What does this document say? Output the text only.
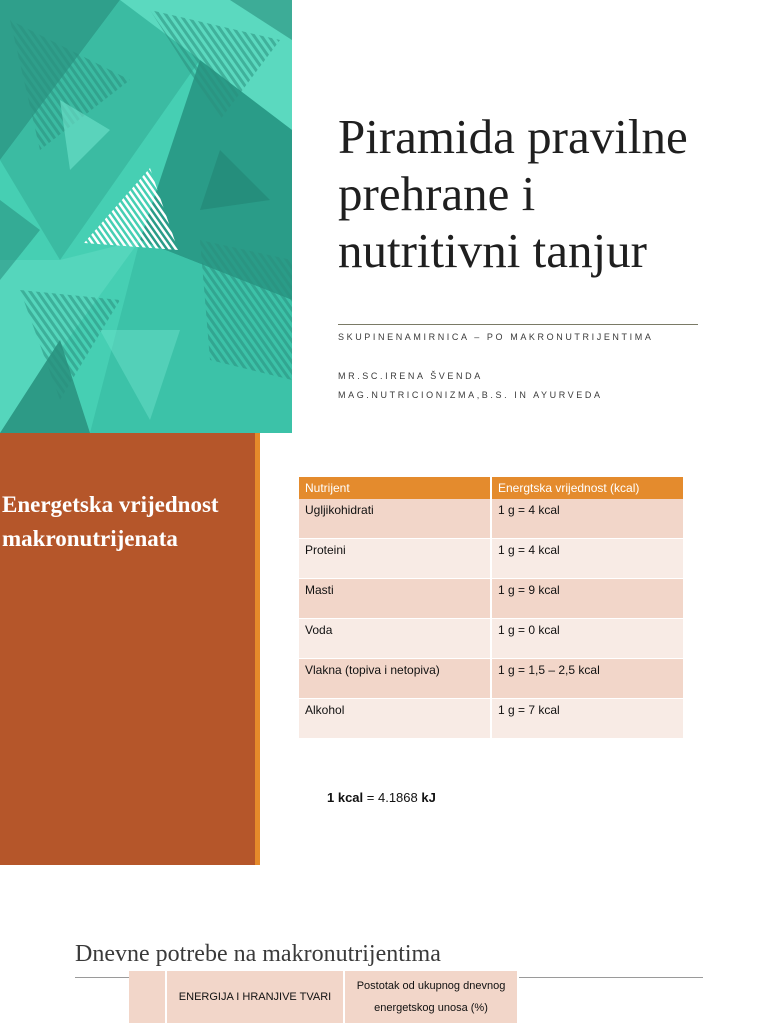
Piramida pravilne prehrane i nutritivni tanjur
SKUPINENAMIRNICA – PO MAKRONUTRIJENTIMA
MR.SC.IRENA ŠVENDA
MAG.NUTRICIONIZMA,B.S. IN AYURVEDA
Energetska vrijednost makronutrijenata
Nutrijent	Energtska vrijednost (kcal)
Ugljikohidrati	1 g = 4 kcal
Proteini	1 g = 4 kcal
Masti	1 g = 9 kcal
Voda	1 g = 0 kcal
Vlakna (topiva i netopiva)	1 g = 1,5 – 2,5 kcal
Alkohol	1 g = 7 kcal
1 kcal = 4.1868 kJ
Dnevne potrebe na makronutrijentima
	ENERGIJA I HRANJIVE TVARI	Postotak od ukupnog dnevnog energetskog unosa (%)
